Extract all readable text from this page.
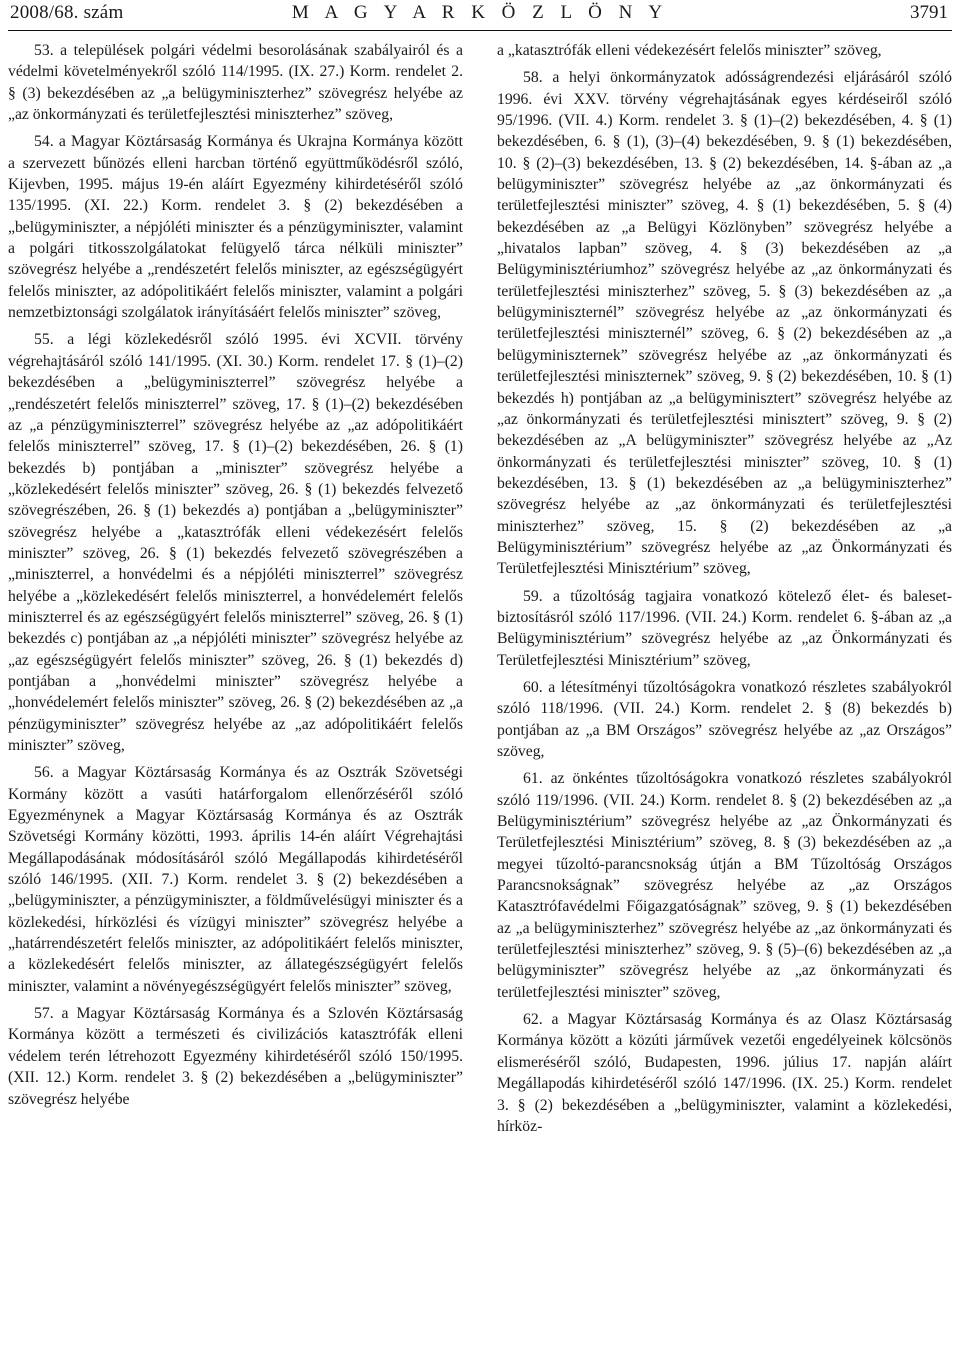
2008/68. szám	M A G Y A R K Ö Z L Ö N Y	3791

53. a települések polgári védelmi besorolásának szabályairól és a védelmi követelményekről szóló 114/1995. (IX. 27.) Korm. rendelet 2. § (3) bekezdésében az „a belügyminiszterhez” szövegrész helyébe az „az önkormányzati és területfejlesztési miniszterhez” szöveg,

54. a Magyar Köztársaság Kormánya és Ukrajna Kormánya között a szervezett bűnözés elleni harcban történő együttműködésről szóló, Kijevben, 1995. május 19-én aláírt Egyezmény kihirdetéséről szóló 135/1995. (XI. 22.) Korm. rendelet 3. § (2) bekezdésében a „belügyminiszter, a népjóléti miniszter és a pénzügyminiszter, valamint a polgári titkosszolgálatokat felügyelő tárca nélküli miniszter” szövegrész helyébe a „rendészetért felelős miniszter, az egészségügyért felelős miniszter, az adópolitikáért felelős miniszter, valamint a polgári nemzetbiztonsági szolgálatok irányításáért felelős miniszter” szöveg,

55. a légi közlekedésről szóló 1995. évi XCVII. törvény végrehajtásáról szóló 141/1995. (XI. 30.) Korm. rendelet 17. § (1)–(2) bekezdésében a „belügyminiszterrel” szövegrész helyébe a „rendészetért felelős miniszterrel” szöveg, 17. § (1)–(2) bekezdésében az „a pénzügyminiszterrel” szövegrész helyébe az „az adópolitikáért felelős miniszterrel” szöveg, 17. § (1)–(2) bekezdésében, 26. § (1) bekezdés b) pontjában a „miniszter” szövegrész helyébe a „közlekedésért felelős miniszter” szöveg, 26. § (1) bekezdés felvezető szövegrészében, 26. § (1) bekezdés a) pontjában a „belügyminiszter” szövegrész helyébe a „katasztrófák elleni védekezésért felelős miniszter” szöveg, 26. § (1) bekezdés felvezető szövegrészében a „miniszterrel, a honvédelmi és a népjóléti miniszterrel” szövegrész helyébe a „közlekedésért felelős miniszterrel, a honvédelemért felelős miniszterrel és az egészségügyért felelős miniszterrel” szöveg, 26. § (1) bekezdés c) pontjában az „a népjóléti miniszter” szövegrész helyébe az „az egészségügyért felelős miniszter” szöveg, 26. § (1) bekezdés d) pontjában a „honvédelmi miniszter” szövegrész helyébe a „honvédelemért felelős miniszter” szöveg, 26. § (2) bekezdésében az „a pénzügyminiszter” szövegrész helyébe az „az adópolitikáért felelős miniszter” szöveg,

56. a Magyar Köztársaság Kormánya és az Osztrák Szövetségi Kormány között a vasúti határforgalom ellenőrzéséről szóló Egyezménynek a Magyar Köztársaság Kormánya és az Osztrák Szövetségi Kormány közötti, 1993. április 14-én aláírt Végrehajtási Megállapodásának módosításáról szóló Megállapodás kihirdetéséről szóló 146/1995. (XII. 7.) Korm. rendelet 3. § (2) bekezdésében a „belügyminiszter, a pénzügyminiszter, a földművelésügyi miniszter és a közlekedési, hírközlési és vízügyi miniszter” szövegrész helyébe a „határrendészetért felelős miniszter, az adópolitikáért felelős miniszter, a közlekedésért felelős miniszter, az állategészségügyért felelős miniszter, valamint a növényegészségügyért felelős miniszter” szöveg,

57. a Magyar Köztársaság Kormánya és a Szlovén Köztársaság Kormánya között a természeti és civilizációs katasztrófák elleni védelem terén létrehozott Egyezmény kihirdetéséről szóló 150/1995. (XII. 12.) Korm. rendelet 3. § (2) bekezdésében a „belügyminiszter” szövegrész helyébe

a „katasztrófák elleni védekezésért felelős miniszter” szöveg,

58. a helyi önkormányzatok adósságrendezési eljárásáról szóló 1996. évi XXV. törvény végrehajtásának egyes kérdéseiről szóló 95/1996. (VII. 4.) Korm. rendelet 3. § (1)–(2) bekezdésében, 4. § (1) bekezdésében, 6. § (1), (3)–(4) bekezdésében, 9. § (1) bekezdésében, 10. § (2)–(3) bekezdésében, 13. § (2) bekezdésében, 14. §-ában az „a belügyminiszter” szövegrész helyébe az „az önkormányzati és területfejlesztési miniszter” szöveg, 4. § (1) bekezdésében, 5. § (4) bekezdésében az „a Belügyi Közlönyben” szövegrész helyébe a „hivatalos lapban” szöveg, 4. § (3) bekezdésében az „a Belügyminisztériumhoz” szövegrész helyébe az „az önkormányzati és területfejlesztési miniszterhez” szöveg, 5. § (3) bekezdésében az „a belügyminiszternél” szövegrész helyébe az „az önkormányzati és területfejlesztési miniszternél” szöveg, 6. § (2) bekezdésében az „a belügyminiszternek” szövegrész helyébe az „az önkormányzati és területfejlesztési miniszternek” szöveg, 9. § (2) bekezdésében, 10. § (1) bekezdés h) pontjában az „a belügyminisztert” szövegrész helyébe az „az önkormányzati és területfejlesztési minisztert” szöveg, 9. § (2) bekezdésében az „A belügyminiszter” szövegrész helyébe az „Az önkormányzati és területfejlesztési miniszter” szöveg, 10. § (1) bekezdésében, 13. § (1) bekezdésében az „a belügyminiszterhez” szövegrész helyébe az „az önkormányzati és területfejlesztési miniszterhez” szöveg, 15. § (2) bekezdésében az „a Belügyminisztérium” szövegrész helyébe az „az Önkormányzati és Területfejlesztési Minisztérium” szöveg,

59. a tűzoltóság tagjaira vonatkozó kötelező élet- és baleset-biztosításról szóló 117/1996. (VII. 24.) Korm. rendelet 6. §-ában az „a Belügyminisztérium” szövegrész helyébe az „az Önkormányzati és Területfejlesztési Minisztérium” szöveg,

60. a létesítményi tűzoltóságokra vonatkozó részletes szabályokról szóló 118/1996. (VII. 24.) Korm. rendelet 2. § (8) bekezdés b) pontjában az „a BM Országos” szövegrész helyébe az „az Országos” szöveg,

61. az önkéntes tűzoltóságokra vonatkozó részletes szabályokról szóló 119/1996. (VII. 24.) Korm. rendelet 8. § (2) bekezdésében az „a Belügyminisztérium” szövegrész helyébe az „az Önkormányzati és Területfejlesztési Minisztérium” szöveg, 8. § (3) bekezdésében az „a megyei tűzoltó-parancsnokság útján a BM Tűzoltóság Országos Parancsnokságnak” szövegrész helyébe az „az Országos Katasztrófavédelmi Főigazgatóságnak” szöveg, 9. § (1) bekezdésében az „a belügyminiszterhez” szövegrész helyébe az „az önkormányzati és területfejlesztési miniszterhez” szöveg, 9. § (5)–(6) bekezdésében az „a belügyminiszter” szövegrész helyébe az „az önkormányzati és területfejlesztési miniszter” szöveg,

62. a Magyar Köztársaság Kormánya és az Olasz Köztársaság Kormánya között a közúti járművek vezetői engedélyeinek kölcsönös elismeréséről szóló, Budapesten, 1996. július 17. napján aláírt Megállapodás kihirdetéséről szóló 147/1996. (IX. 25.) Korm. rendelet 3. § (2) bekezdésében a „belügyminiszter, valamint a közlekedési, hírköz-
